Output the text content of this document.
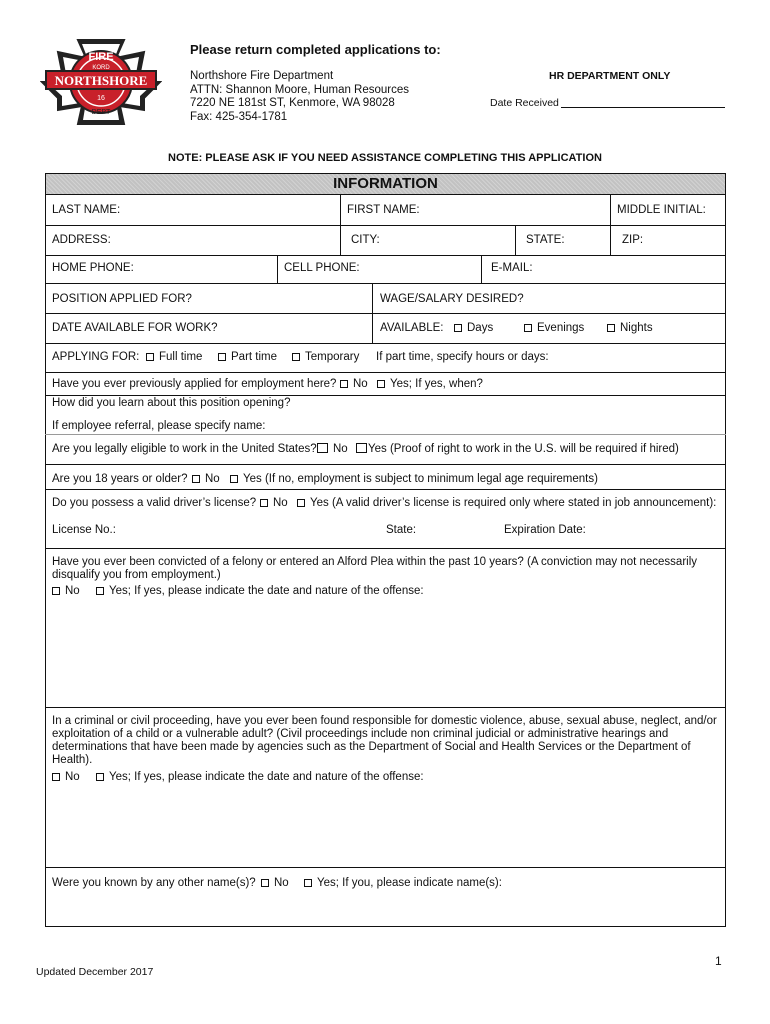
FIRE
KORD
NORTHSHORE
16
DEPT
Please return completed applications to:
Northshore Fire Department
ATTN: Shannon Moore, Human Resources
7220 NE 181st ST, Kenmore, WA 98028
Fax: 425-354-1781
HR DEPARTMENT ONLY
Date Received
NOTE: PLEASE ASK IF YOU NEED ASSISTANCE COMPLETING THIS APPLICATION
INFORMATION
LAST NAME:	FIRST NAME:	MIDDLE INITIAL:
ADDRESS:	CITY:	STATE:	ZIP:
HOME PHONE:	CELL PHONE:	E-MAIL:
POSITION APPLIED FOR?	WAGE/SALARY DESIRED?
DATE AVAILABLE FOR WORK?	AVAILABLE:	Days	Evenings	Nights
APPLYING FOR:	Full time	Part time	Temporary If part time, specify hours or days:
Have you ever previously applied for employment here?	No	Yes; If yes, when?
How did you learn about this position opening?
If employee referral, please specify name:
Are you legally eligible to work in the United States?	No	Yes (Proof of right to work in the U.S. will be required if hired)
Are you 18 years or older?	No	Yes (If no, employment is subject to minimum legal age requirements)
Do you possess a valid driver’s license?	No	Yes (A valid driver’s license is required only where stated in job announcement):
License No.:	State:	Expiration Date:
Have you ever been convicted of a felony or entered an Alford Plea within the past 10 years? (A conviction may not necessarily disqualify you from employment.)
No	Yes; If yes, please indicate the date and nature of the offense:
In a criminal or civil proceeding, have you ever been found responsible for domestic violence, abuse, sexual abuse, neglect, and/or exploitation of a child or a vulnerable adult? (Civil proceedings include non criminal judicial or administrative hearings and determinations that have been made by agencies such as the Department of Social and Health Services or the Department of Health).
No	Yes; If yes, please indicate the date and nature of the offense:
Were you known by any other name(s)?	No	Yes; If you, please indicate name(s):
1
Updated December 2017
